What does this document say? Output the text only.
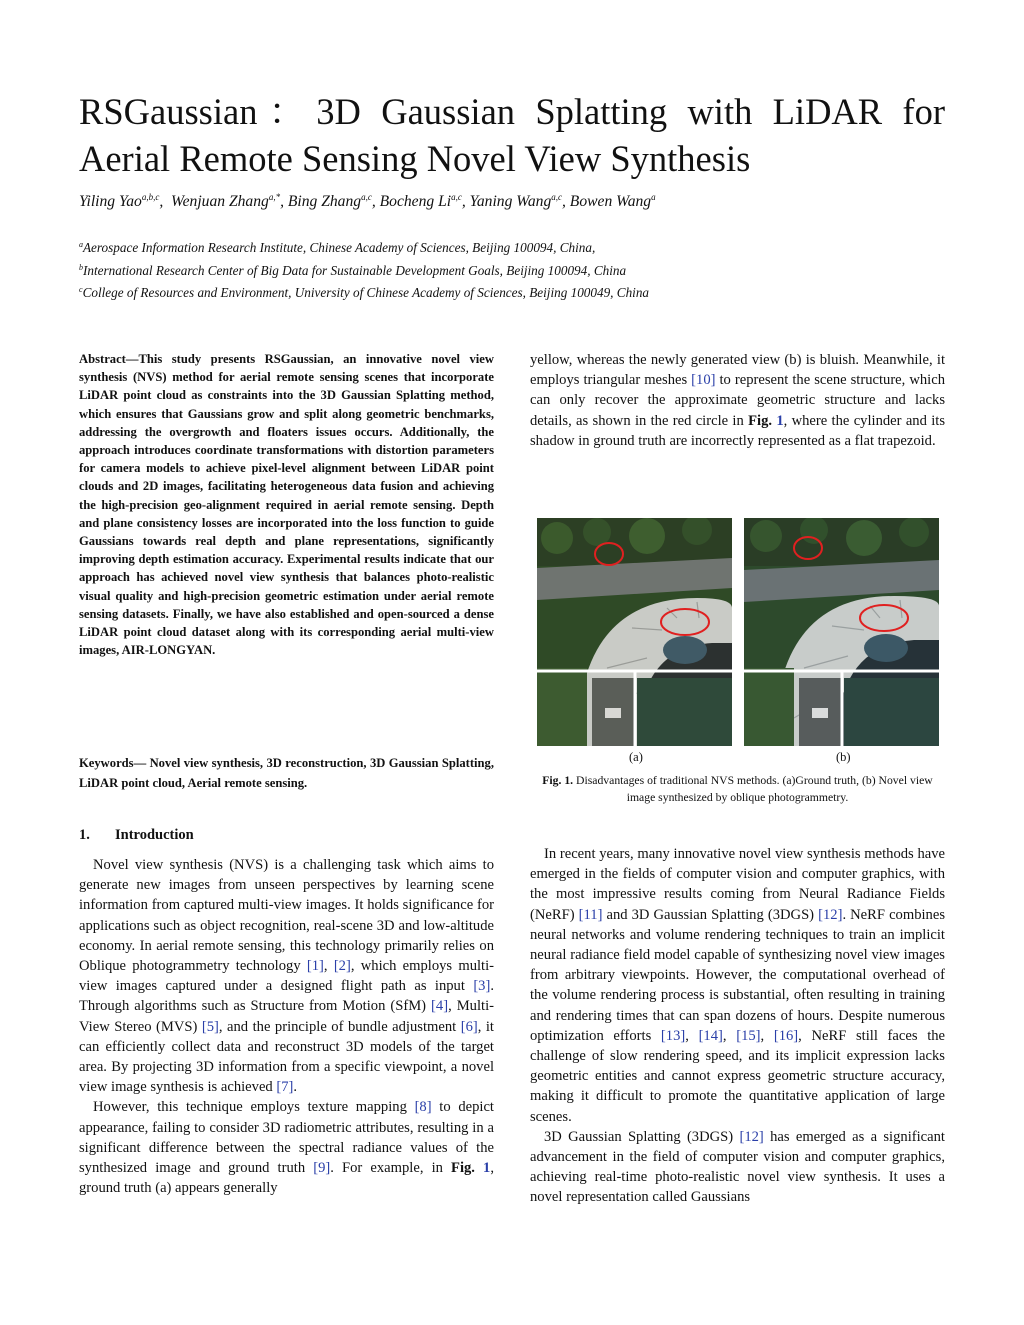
RSGaussian：3D Gaussian Splatting with LiDAR for Aerial Remote Sensing Novel View Synthesis
Yiling Yao$^{a,b,c}$,  Wenjuan Zhang$^{a,*}$, Bing Zhang$^{a,c}$, Bocheng Li$^{a,c}$, Yaning Wang$^{a,c}$, Bowen Wang$^a$
$^a$Aerospace Information Research Institute, Chinese Academy of Sciences, Beijing 100094, China,
$^b$International Research Center of Big Data for Sustainable Development Goals, Beijing 100094, China
$^c$College of Resources and Environment, University of Chinese Academy of Sciences, Beijing 100049, China
Abstract—This study presents RSGaussian, an innovative novel view synthesis (NVS) method for aerial remote sensing scenes that incorporate LiDAR point cloud as constraints into the 3D Gaussian Splatting method, which ensures that Gaussians grow and split along geometric benchmarks, addressing the overgrowth and floaters issues occurs. Additionally, the approach introduces coordinate transformations with distortion parameters for camera models to achieve pixel-level alignment between LiDAR point clouds and 2D images, facilitating heterogeneous data fusion and achieving the high-precision geo-alignment required in aerial remote sensing. Depth and plane consistency losses are incorporated into the loss function to guide Gaussians towards real depth and plane representations, significantly improving depth estimation accuracy. Experimental results indicate that our approach has achieved novel view synthesis that balances photo-realistic visual quality and high-precision geometric estimation under aerial remote sensing datasets. Finally, we have also established and open-sourced a dense LiDAR point cloud dataset along with its corresponding aerial multi-view images, AIR-LONGYAN.
Keywords— Novel view synthesis, 3D reconstruction, 3D Gaussian Splatting, LiDAR point cloud, Aerial remote sensing.
1. Introduction

Novel view synthesis (NVS) is a challenging task which aims to generate new images from unseen perspectives by learning scene information from captured multi-view images. It holds significance for applications such as object recognition, real-scene 3D and low-altitude economy. In aerial remote sensing, this technology primarily relies on Oblique photogrammetry technology [1], [2], which employs multi-view images captured under a designed flight path as input [3]. Through algorithms such as Structure from Motion (SfM) [4], Multi-View Stereo (MVS) [5], and the principle of bundle adjustment [6], it can efficiently collect data and reconstruct 3D models of the target area. By projecting 3D information from a specific viewpoint, a novel view image synthesis is achieved [7].

However, this technique employs texture mapping [8] to depict appearance, failing to consider 3D radiometric attributes, resulting in a significant difference between the spectral radiance values of the synthesized image and ground truth [9]. For example, in Fig. 1, ground truth (a) appears generally

yellow, whereas the newly generated view (b) is bluish. Meanwhile, it employs triangular meshes [10] to represent the scene structure, which can only recover the approximate geometric structure and lacks details, as shown in the red circle in Fig. 1, where the cylinder and its shadow in ground truth are incorrectly represented as a flat trapezoid.

(a)	(b)
Fig. 1. Disadvantages of traditional NVS methods. (a)Ground truth, (b) Novel view image synthesized by oblique photogrammetry.

In recent years, many innovative novel view synthesis methods have emerged in the fields of computer vision and computer graphics, with the most impressive results coming from Neural Radiance Fields (NeRF) [11] and 3D Gaussian Splatting (3DGS) [12]. NeRF combines neural networks and volume rendering techniques to train an implicit neural radiance field model capable of synthesizing novel view images from arbitrary viewpoints. However, the computational overhead of the volume rendering process is substantial, often resulting in training and rendering times that can span dozens of hours. Despite numerous optimization efforts [13], [14], [15], [16], NeRF still faces the challenge of slow rendering speed, and its implicit expression lacks geometric entities and cannot express geometric structure accuracy, making it difficult to promote the quantitative application of large scenes.

3D Gaussian Splatting (3DGS) [12] has emerged as a significant advancement in the field of computer vision and computer graphics, achieving real-time photo-realistic novel view synthesis. It uses a novel representation called Gaussians
